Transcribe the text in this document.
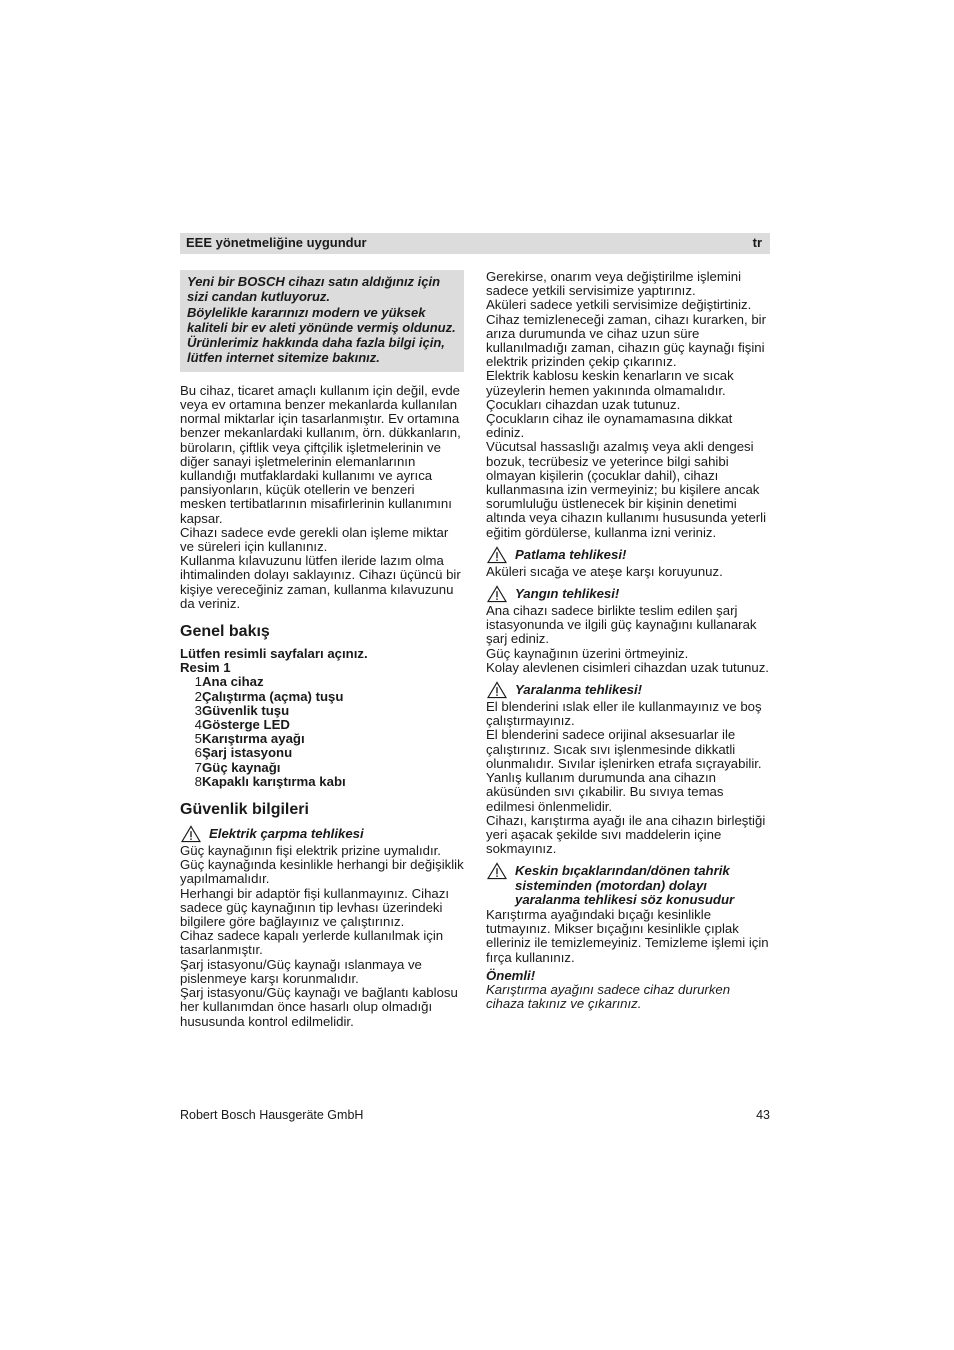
EEE yönetmeliğine uygundur	tr

Yeni bir BOSCH cihazı satın aldığınız için sizi candan kutluyoruz.

Böylelikle kararınızı modern ve yüksek kaliteli bir ev aleti yönünde vermiş oldunuz. Ürünlerimiz hakkında daha fazla bilgi için, lütfen internet sitemize bakınız.

Bu cihaz, ticaret amaçlı kullanım için değil, evde veya ev ortamına benzer mekanlarda kullanılan normal miktarlar için tasarlanmıştır. Ev ortamına benzer mekanlardaki kullanım, örn. dükkanların, büroların, çiftlik veya çiftçilik işletmelerinin ve diğer sanayi işletmelerinin elemanlarının kullandığı mutfaklardaki kullanımı ve ayrıca pansiyonların, küçük otellerin ve benzeri mesken tertibatlarının misafirlerinin kullanımını kapsar.

Cihazı sadece evde gerekli olan işleme miktar ve süreleri için kullanınız.

Kullanma kılavuzunu lütfen ileride lazım olma ihtimalinden dolayı saklayınız. Cihazı üçüncü bir kişiye vereceğiniz zaman, kullanma kılavuzunu da veriniz.

Genel bakış

Lütfen resimli sayfaları açınız.

Resim 1

1 Ana cihaz
2 Çalıştırma (açma) tuşu
3 Güvenlik tuşu
4 Gösterge LED
5 Karıştırma ayağı
6 Şarj istasyonu
7 Güç kaynağı
8 Kapaklı karıştırma kabı
Güvenlik bilgileri
Elektrik çarpma tehlikesi

Güç kaynağının fişi elektrik prizine uymalıdır. Güç kaynağında kesinlikle herhangi bir değişiklik yapılmamalıdır.

Herhangi bir adaptör fişi kullanmayınız. Cihazı sadece güç kaynağının tip levhası üzerindeki bilgilere göre bağlayınız ve çalıştırınız.

Cihaz sadece kapalı yerlerde kullanılmak için tasarlanmıştır.

Şarj istasyonu/Güç kaynağı ıslanmaya ve pislenmeye karşı korunmalıdır.

Şarj istasyonu/Güç kaynağı ve bağlantı kablosu her kullanımdan önce hasarlı olup olmadığı hususunda kontrol edilmelidir.

Gerekirse, onarım veya değiştirilme işlemini sadece yetkili servisimize yaptırınız.

Aküleri sadece yetkili servisimize değiştirtiniz.

Cihaz temizleneceği zaman, cihazı kurarken, bir arıza durumunda ve cihaz uzun süre kullanılmadığı zaman, cihazın güç kaynağı fişini elektrik prizinden çekip çıkarınız.

Elektrik kablosu keskin kenarların ve sıcak yüzeylerin hemen yakınında olmamalıdır.

Çocukları cihazdan uzak tutunuz.

Çocukların cihaz ile oynamamasına dikkat ediniz.

Vücutsal hassaslığı azalmış veya akli dengesi bozuk, tecrübesiz ve yeterince bilgi sahibi olmayan kişilerin (çocuklar dahil), cihazı kullanmasına izin vermeyiniz; bu kişilere ancak sorumluluğu üstlenecek bir kişinin denetimi altında veya cihazın kullanımı hususunda yeterli eğitim gördülerse, kullanma izni veriniz.

Patlama tehlikesi!

Aküleri sıcağa ve ateşe karşı koruyunuz.

Yangın tehlikesi!

Ana cihazı sadece birlikte teslim edilen şarj istasyonunda ve ilgili güç kaynağını kullanarak şarj ediniz.

Güç kaynağının üzerini örtmeyiniz.

Kolay alevlenen cisimleri cihazdan uzak tutunuz.

Yaralanma tehlikesi!

El blenderini ıslak eller ile kullanmayınız ve boş çalıştırmayınız.

El blenderini sadece orijinal aksesuarlar ile çalıştırınız. Sıcak sıvı işlenmesinde dikkatli olunmalıdır. Sıvılar işlenirken etrafa sıçrayabilir.

Yanlış kullanım durumunda ana cihazın aküsünden sıvı çıkabilir. Bu sıvıya temas edilmesi önlenmelidir.

Cihazı, karıştırma ayağı ile ana cihazın birleştiği yeri aşacak şekilde sıvı maddelerin içine sokmayınız.

Keskin bıçaklarından/dönen tahrik sisteminden (motordan) dolayı yaralanma tehlikesi söz konusudur

Karıştırma ayağındaki bıçağı kesinlikle tutmayınız. Mikser bıçağını kesinlikle çıplak elleriniz ile temizlemeyiniz. Temizleme işlemi için fırça kullanınız.

Önemli!

Karıştırma ayağını sadece cihaz dururken cihaza takınız ve çıkarınız.

Robert Bosch Hausgeräte GmbH	43
